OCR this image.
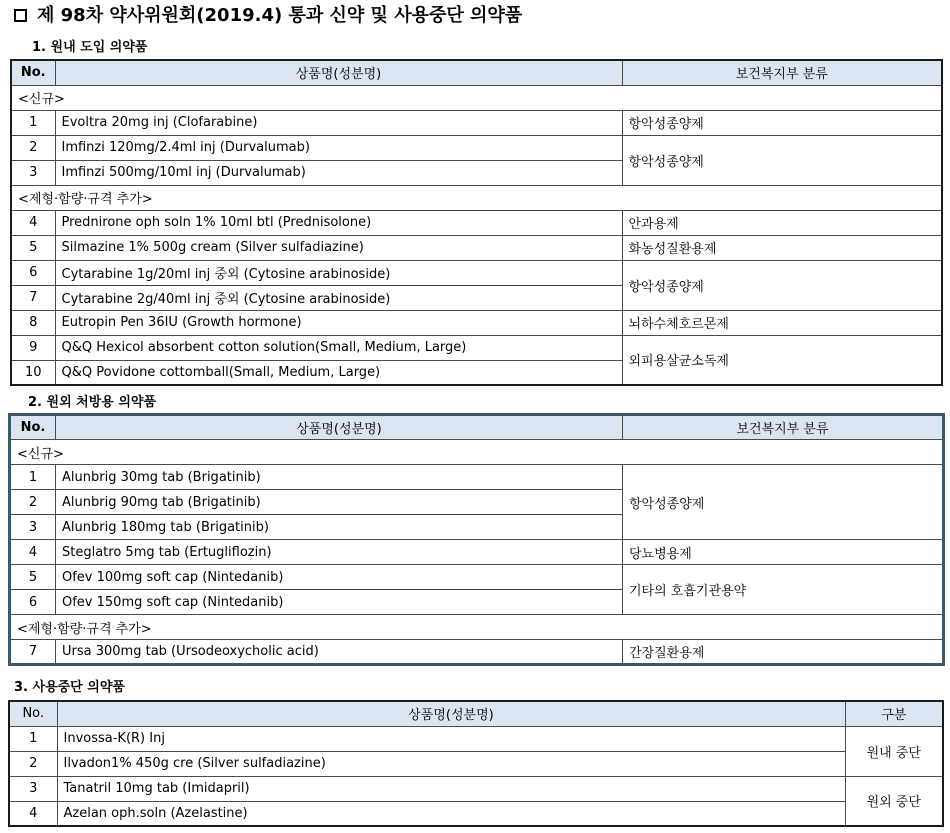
제 98차 약사위원회(2019.4) 통과 신약 및 사용중단 의약품
1. 원내 도입 의약품
No.	상품명(성분명)	보건복지부 분류
<신규>		
1	Evoltra 20mg inj (Clofarabine)	항악성종양제
2	Imfinzi 120mg/2.4ml inj (Durvalumab)	항악성종양제
3	Imfinzi 500mg/10ml inj (Durvalumab)	
<제형·함량·규격 추가>		
4	Prednirone oph soln 1% 10ml btl (Prednisolone)	안과용제
5	Silmazine 1% 500g cream (Silver sulfadiazine)	화농성질환용제
6	Cytarabine 1g/20ml inj 중외 (Cytosine arabinoside)	항악성종양제
7	Cytarabine 2g/40ml inj 중외 (Cytosine arabinoside)	
8	Eutropin Pen 36IU (Growth hormone)	뇌하수체호르몬제
9	Q&Q Hexicol absorbent cotton solution(Small, Medium, Large)	외피용살균소독제
10	Q&Q Povidone cottomball(Small, Medium, Large)	
2. 원외 처방용 의약품
No.	상품명(성분명)	보건복지부 분류
<신규>		
1	Alunbrig 30mg tab (Brigatinib)	항악성종양제
2	Alunbrig 90mg tab (Brigatinib)	
3	Alunbrig 180mg tab (Brigatinib)	
4	Steglatro 5mg tab (Ertugliflozin)	당뇨병용제
5	Ofev 100mg soft cap (Nintedanib)	기타의 호흡기관용약
6	Ofev 150mg soft cap (Nintedanib)	
<제형·함량·규격 추가>		
7	Ursa 300mg tab (Ursodeoxycholic acid)	간장질환용제
3. 사용중단 의약품
No.	상품명(성분명)	구분
1	Invossa-K(R) Inj	원내 중단
2	Ilvadon1% 450g cre (Silver sulfadiazine)	
3	Tanatril 10mg tab (Imidapril)	원외 중단
4	Azelan oph.soln (Azelastine)	
